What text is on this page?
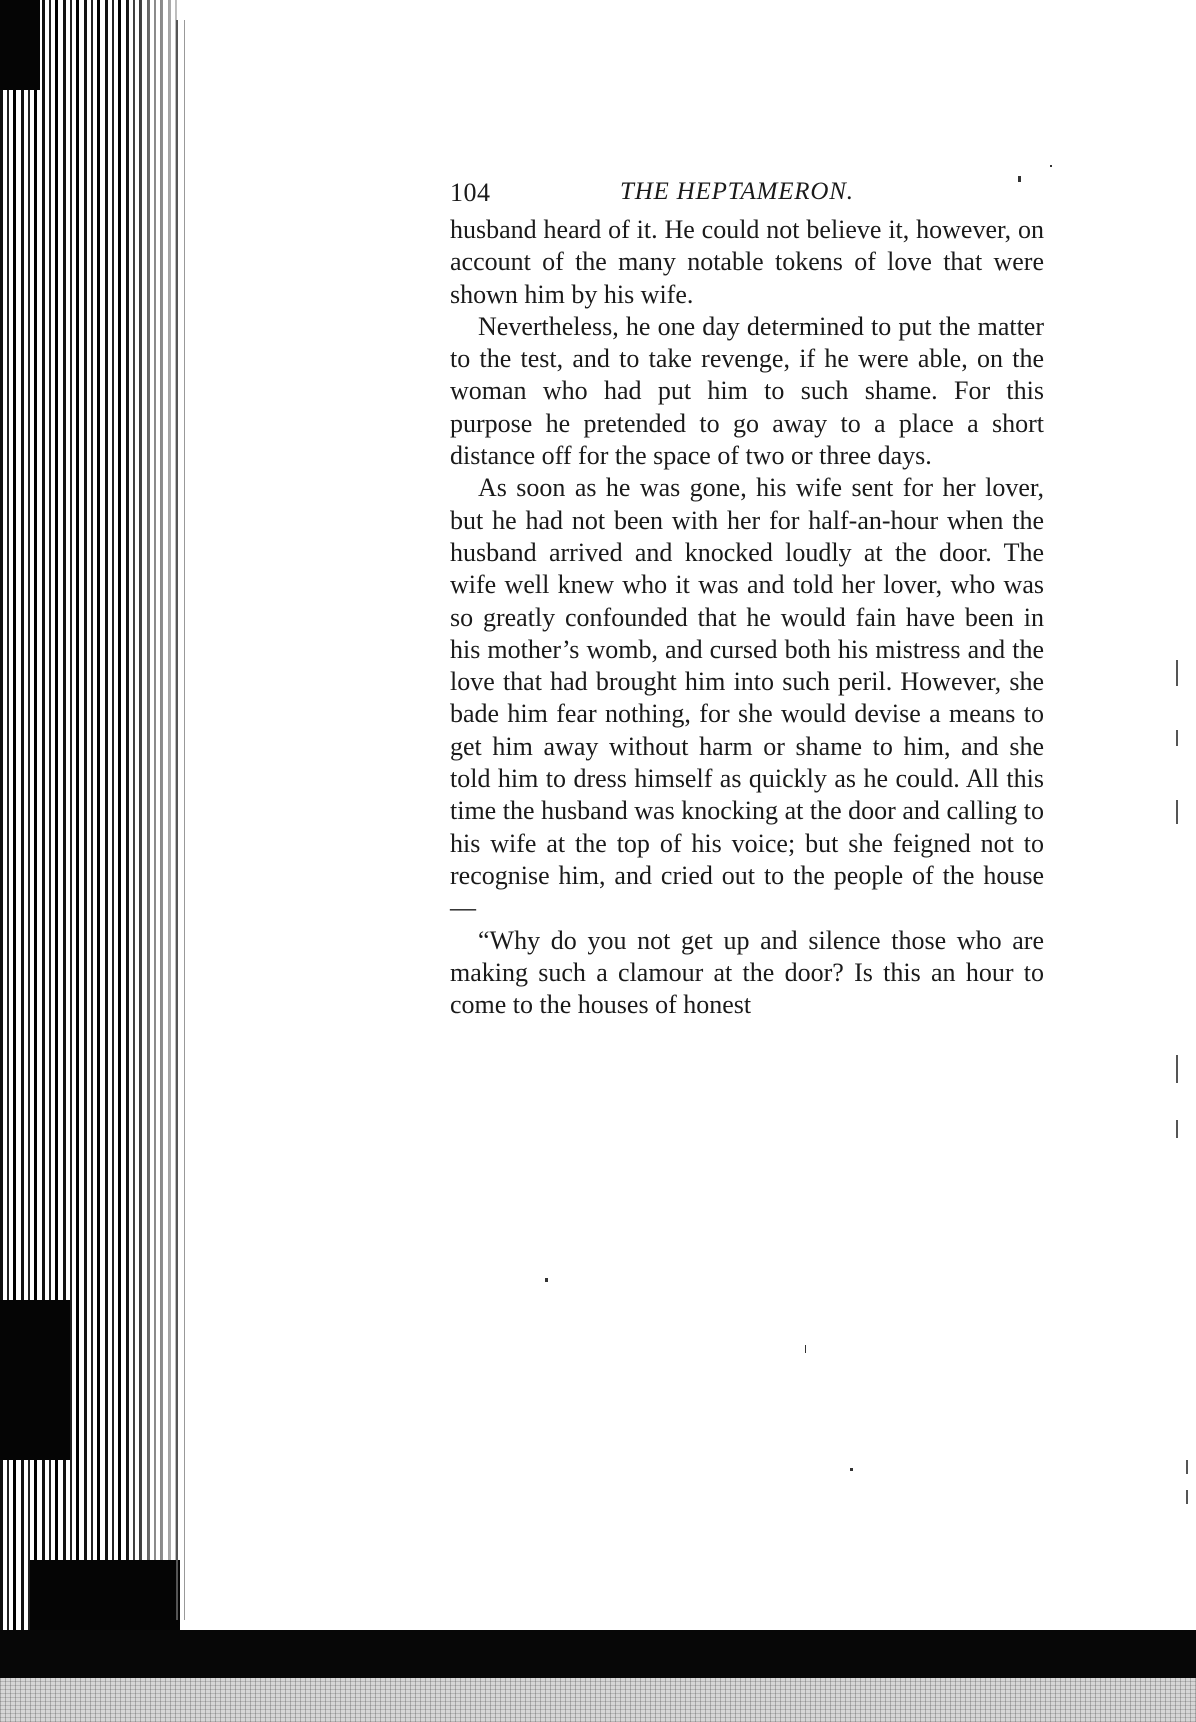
104	THE HEPTAMERON.

husband heard of it. He could not believe it, however, on account of the many notable tokens of love that were shown him by his wife.

Nevertheless, he one day determined to put the matter to the test, and to take revenge, if he were able, on the woman who had put him to such shame. For this purpose he pretended to go away to a place a short distance off for the space of two or three days.

As soon as he was gone, his wife sent for her lover, but he had not been with her for half-an-hour when the husband arrived and knocked loudly at the door. The wife well knew who it was and told her lover, who was so greatly confounded that he would fain have been in his mother’s womb, and cursed both his mistress and the love that had brought him into such peril. However, she bade him fear nothing, for she would devise a means to get him away without harm or shame to him, and she told him to dress himself as quickly as he could. All this time the husband was knocking at the door and calling to his wife at the top of his voice; but she feigned not to recognise him, and cried out to the people of the house—

“Why do you not get up and silence those who are making such a clamour at the door? Is this an hour to come to the houses of honest
